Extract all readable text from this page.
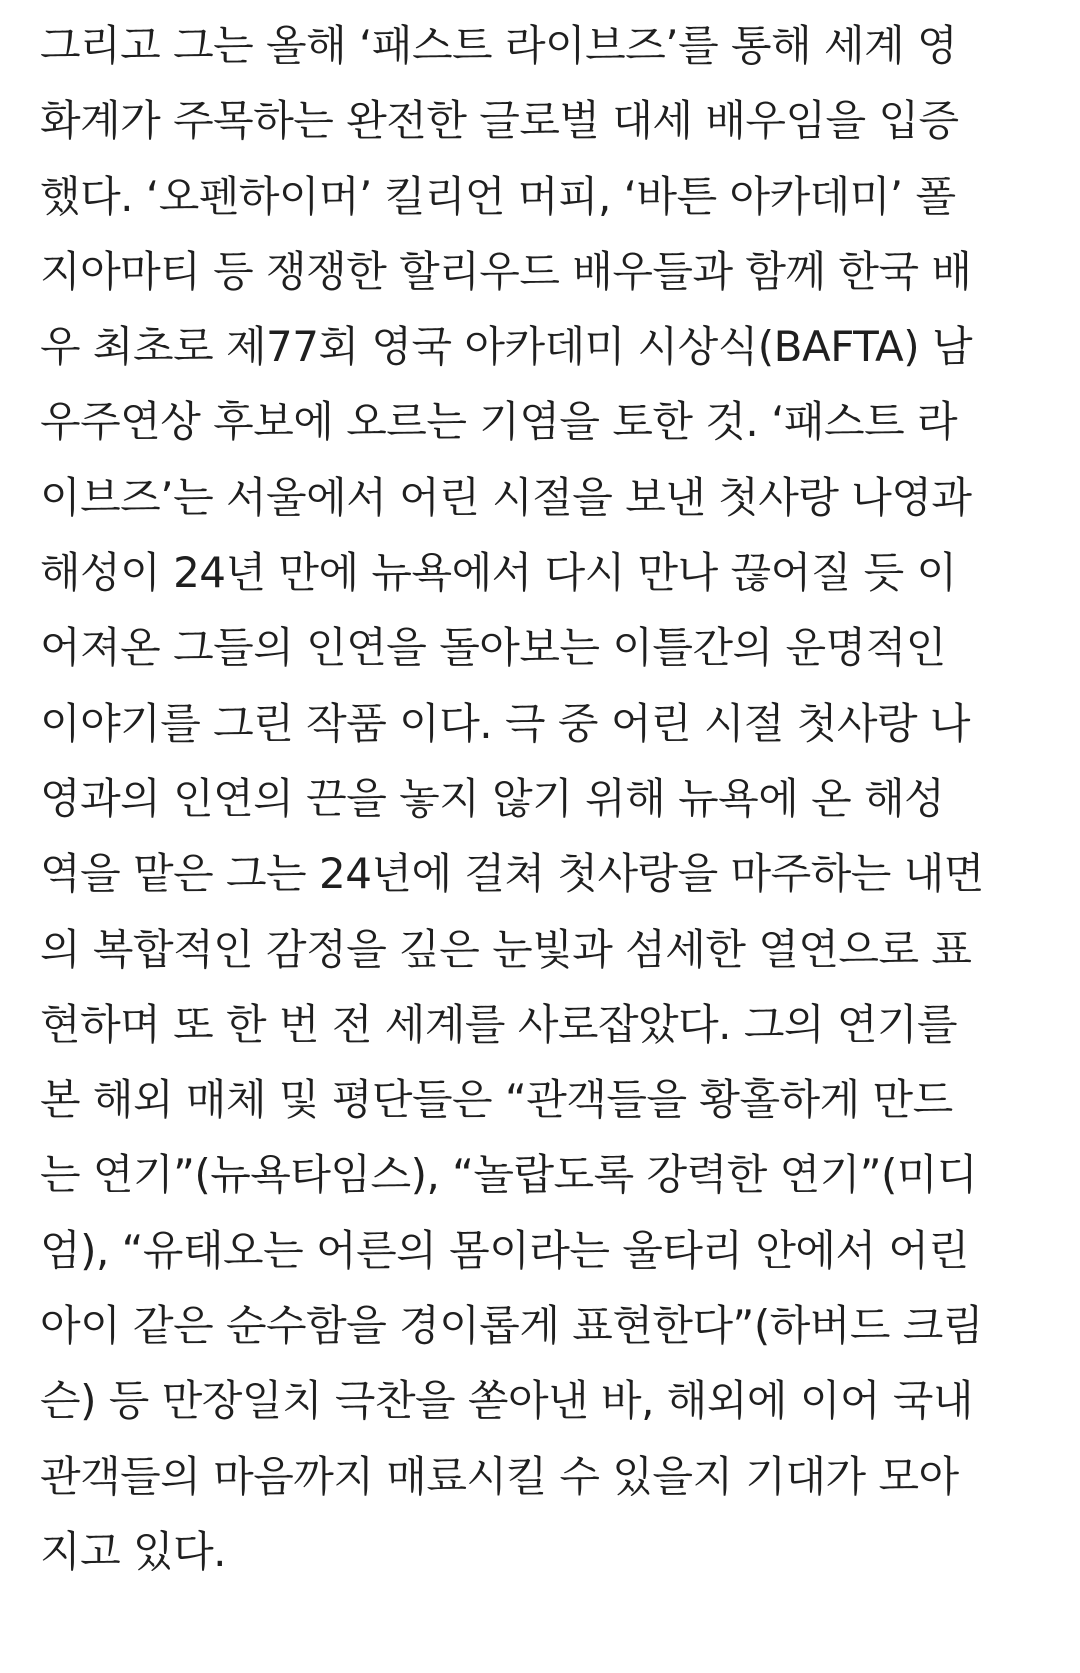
그리고 그는 올해 ‘패스트 라이브즈’를 통해 세계 영
화계가 주목하는 완전한 글로벌 대세 배우임을 입증
했다. ‘오펜하이머’ 킬리언 머피, ‘바튼 아카데미’ 폴
지아마티 등 쟁쟁한 할리우드 배우들과 함께 한국 배
우 최초로 제77회 영국 아카데미 시상식(BAFTA) 남
우주연상 후보에 오르는 기염을 토한 것. ‘패스트 라
이브즈’는 서울에서 어린 시절을 보낸 첫사랑 나영과
해성이 24년 만에 뉴욕에서 다시 만나 끊어질 듯 이
어져온 그들의 인연을 돌아보는 이틀간의 운명적인
이야기를 그린 작품 이다. 극 중 어린 시절 첫사랑 나
영과의 인연의 끈을 놓지 않기 위해 뉴욕에 온 해성
역을 맡은 그는 24년에 걸쳐 첫사랑을 마주하는 내면
의 복합적인 감정을 깊은 눈빛과 섬세한 열연으로 표
현하며 또 한 번 전 세계를 사로잡았다. 그의 연기를
본 해외 매체 및 평단들은 “관객들을 황홀하게 만드
는 연기”(뉴욕타임스), “놀랍도록 강력한 연기”(미디
엄), “유태오는 어른의 몸이라는 울타리 안에서 어린
아이 같은 순수함을 경이롭게 표현한다”(하버드 크림
슨) 등 만장일치 극찬을 쏟아낸 바, 해외에 이어 국내
관객들의 마음까지 매료시킬 수 있을지 기대가 모아
지고 있다.
